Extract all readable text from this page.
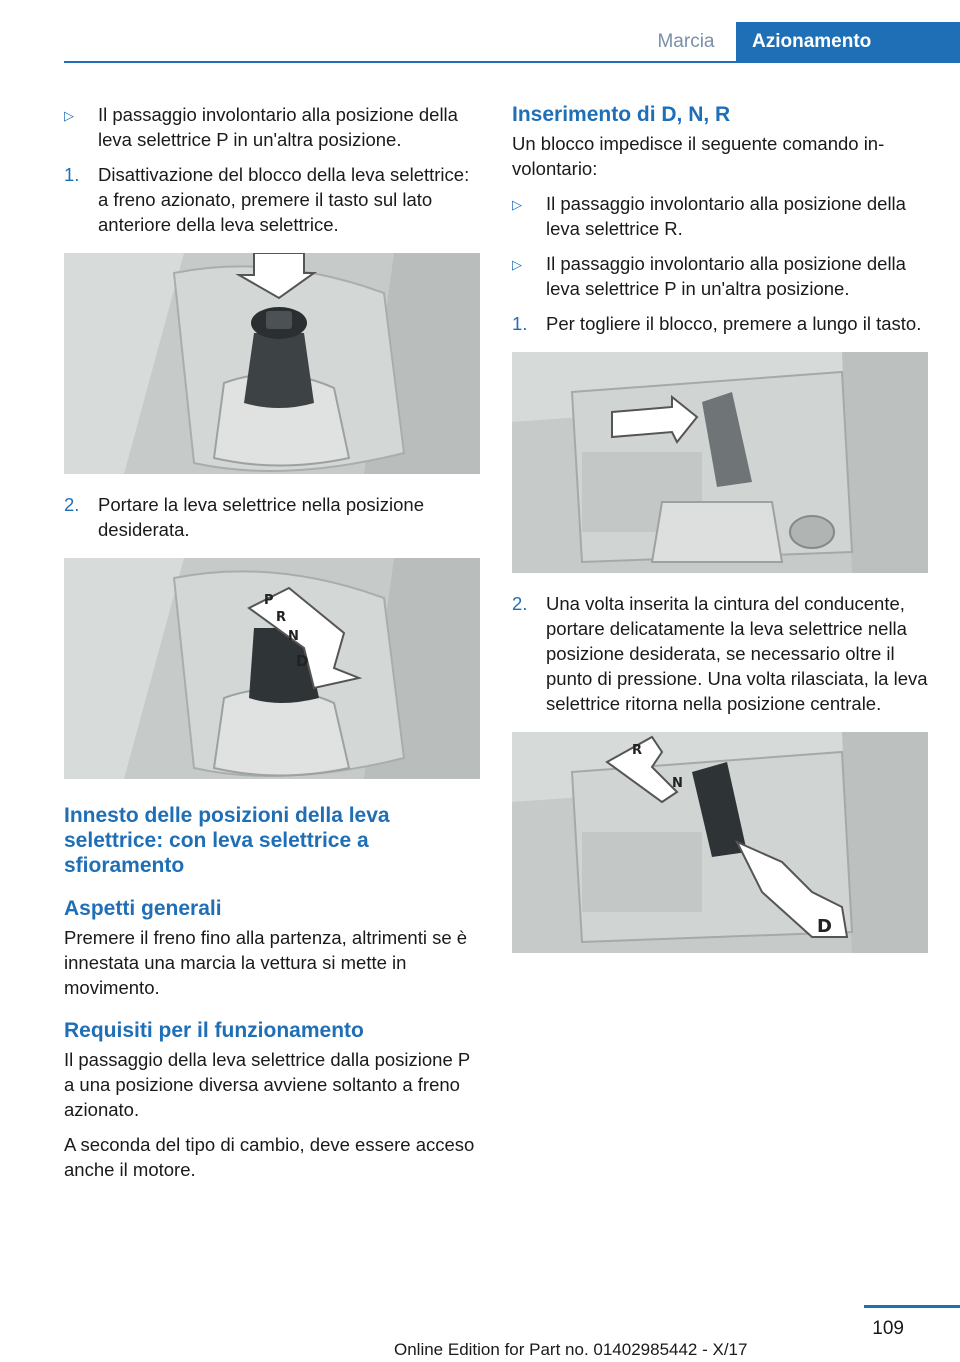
Marcia	Azionamento
▷ Il passaggio involontario alla posizione della leva selettrice P in un'altra posizione.
1. Disattivazione del blocco della leva selettrice: a freno azionato, premere il tasto sul lato anteriore della leva selettrice.
2. Portare la leva selettrice nella posizione desiderata.
P
R
N
D
Innesto delle posizioni della leva selettrice: con leva selettrice a sfioramento
Aspetti generali
Premere il freno fino alla partenza, altrimenti se è innestata una marcia la vettura si mette in movimento.
Requisiti per il funzionamento
Il passaggio della leva selettrice dalla posizione P a una posizione diversa avviene soltanto a freno azionato.
A seconda del tipo di cambio, deve essere acceso anche il motore.
Inserimento di D, N, R
Un blocco impedisce il seguente comando involontario:
▷ Il passaggio involontario alla posizione della leva selettrice R.
▷ Il passaggio involontario alla posizione della leva selettrice P in un'altra posizione.
1. Per togliere il blocco, premere a lungo il tasto.
2. Una volta inserita la cintura del conducente, portare delicatamente la leva selettrice nella posizione desiderata, se necessario oltre il punto di pressione. Una volta rilasciata, la leva selettrice ritorna nella posizione centrale.
R
N
D
109
Online Edition for Part no. 01402985442 - X/17
